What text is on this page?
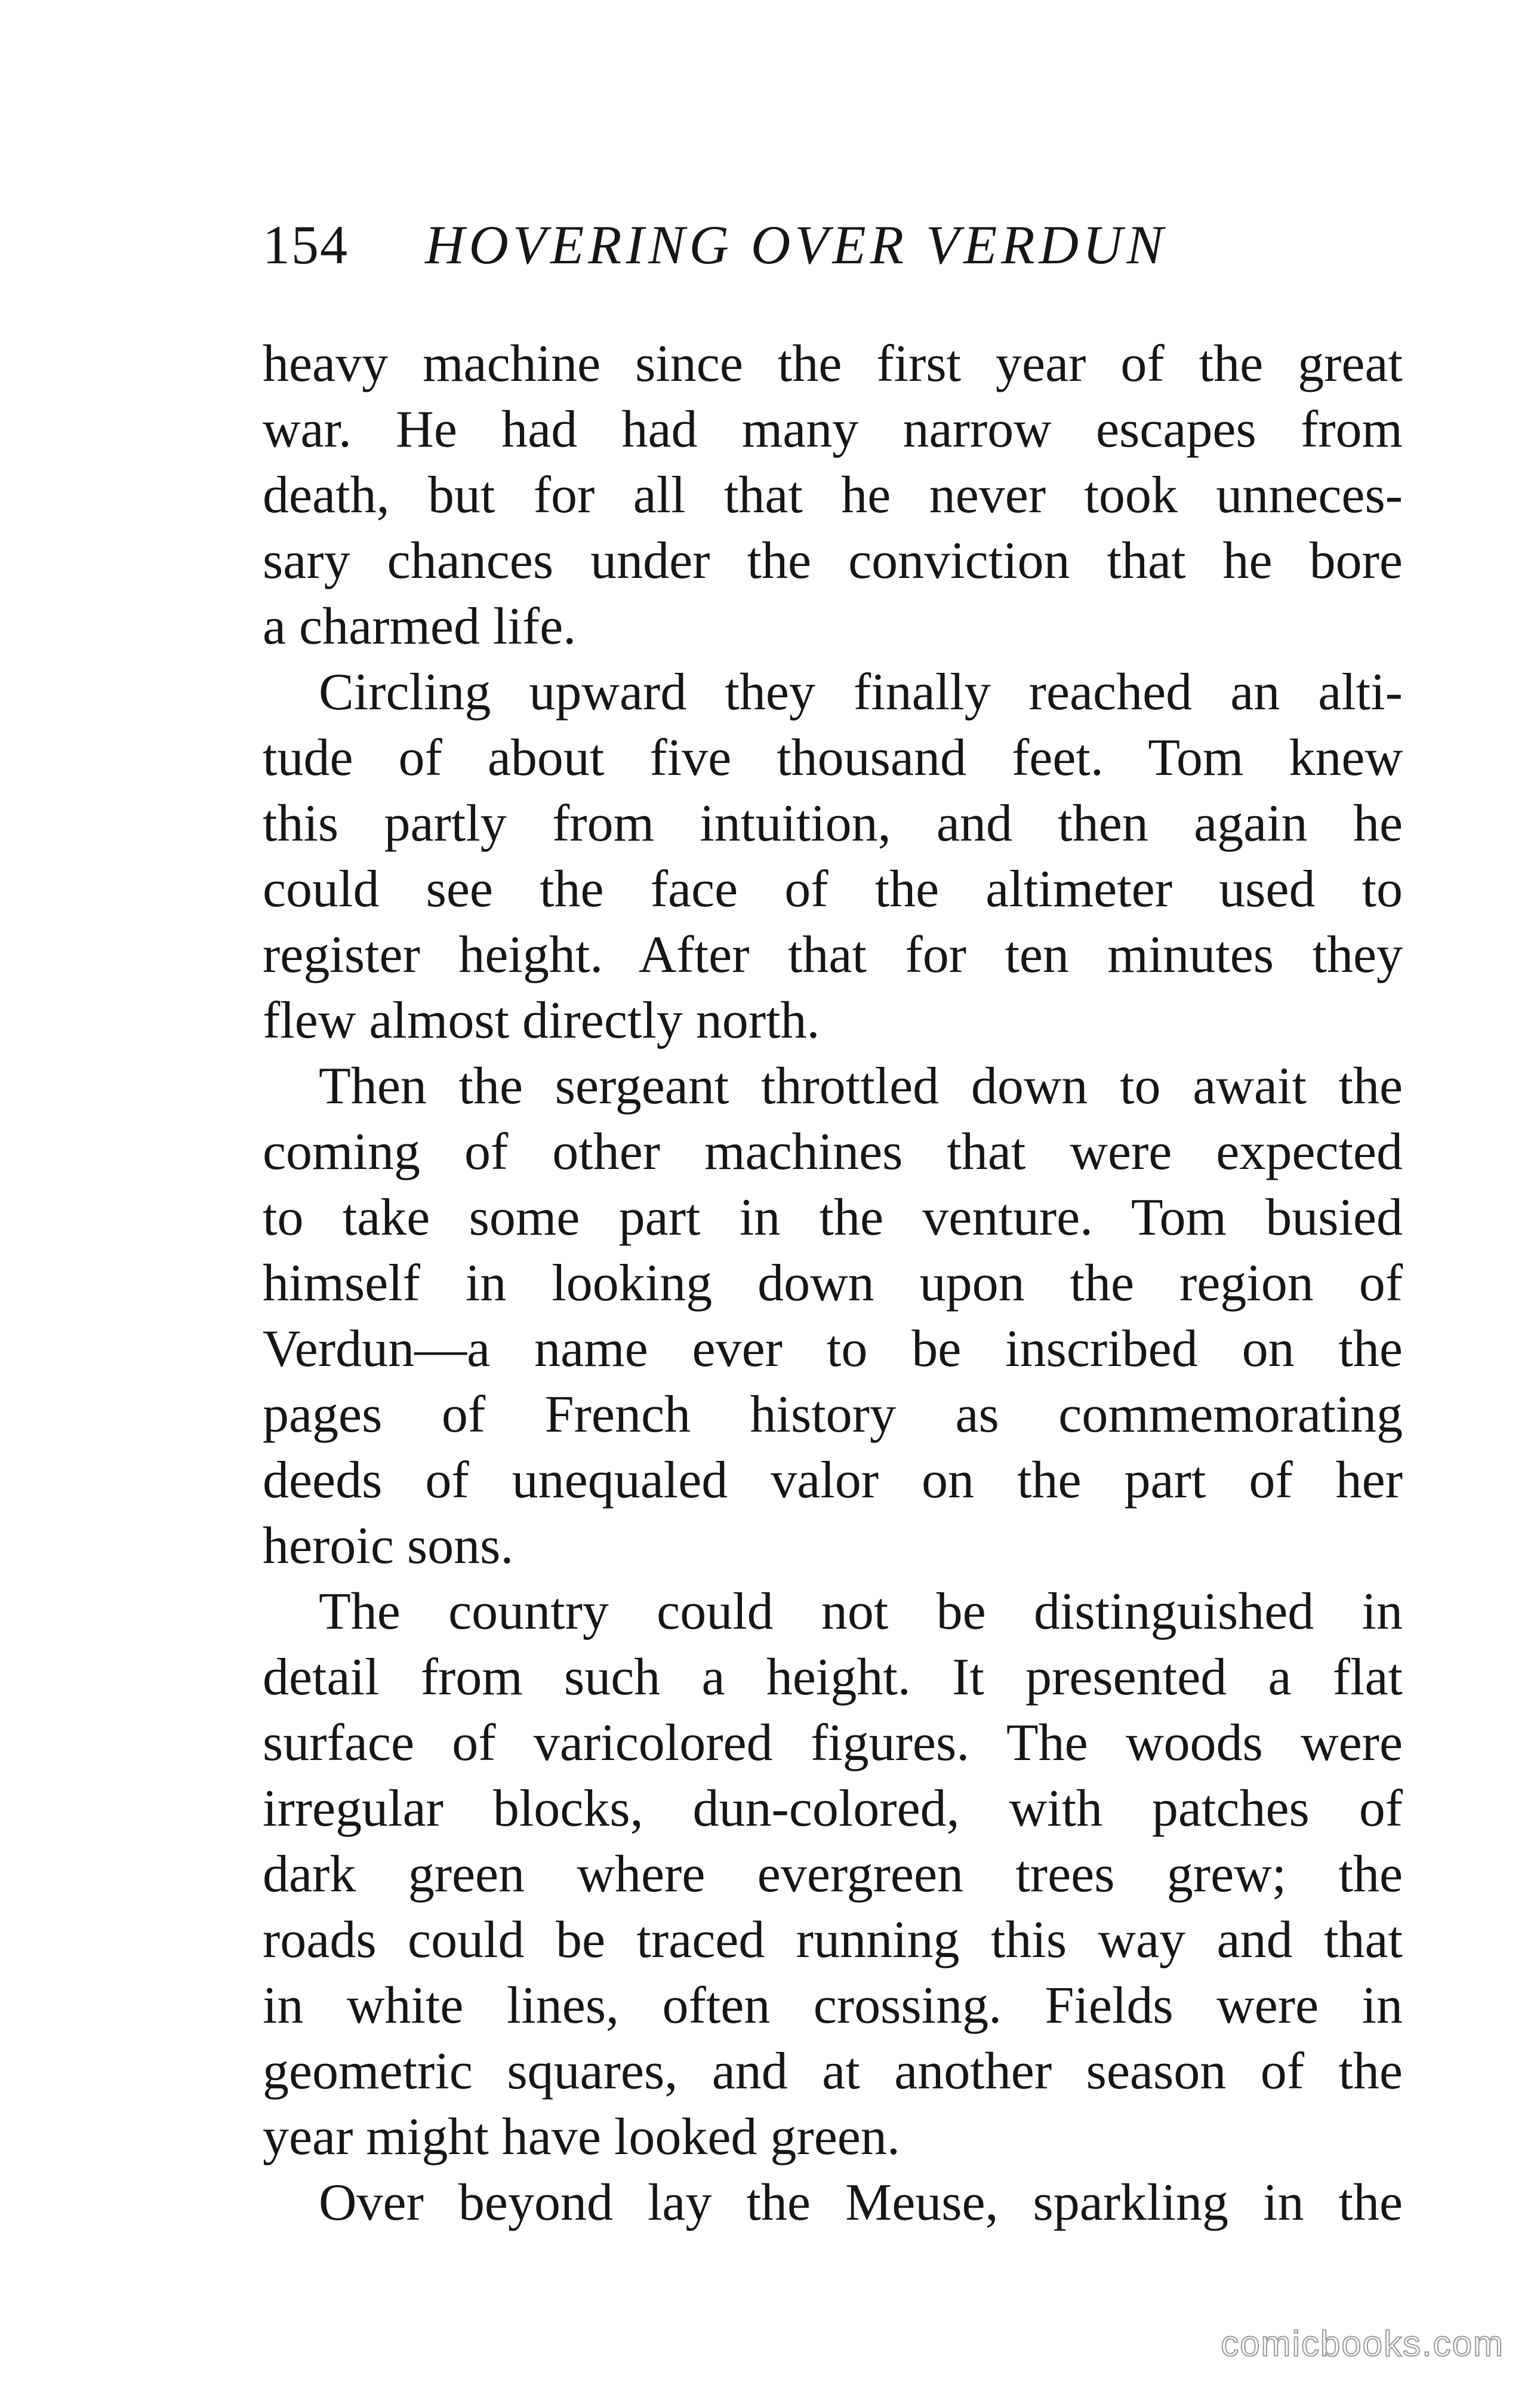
154 HOVERING OVER VERDUN
heavy machine since the first year of the great
war. He had had many narrow escapes from
death, but for all that he never took unneces-
sary chances under the conviction that he bore
a charmed life.
Circling upward they finally reached an alti-
tude of about five thousand feet. Tom knew
this partly from intuition, and then again he
could see the face of the altimeter used to
register height. After that for ten minutes they
flew almost directly north.
Then the sergeant throttled down to await the
coming of other machines that were expected
to take some part in the venture. Tom busied
himself in looking down upon the region of
Verdun—a name ever to be inscribed on the
pages of French history as commemorating
deeds of unequaled valor on the part of her
heroic sons.
The country could not be distinguished in
detail from such a height. It presented a flat
surface of varicolored figures. The woods were
irregular blocks, dun-colored, with patches of
dark green where evergreen trees grew; the
roads could be traced running this way and that
in white lines, often crossing. Fields were in
geometric squares, and at another season of the
year might have looked green.
Over beyond lay the Meuse, sparkling in the
comicbooks.com
